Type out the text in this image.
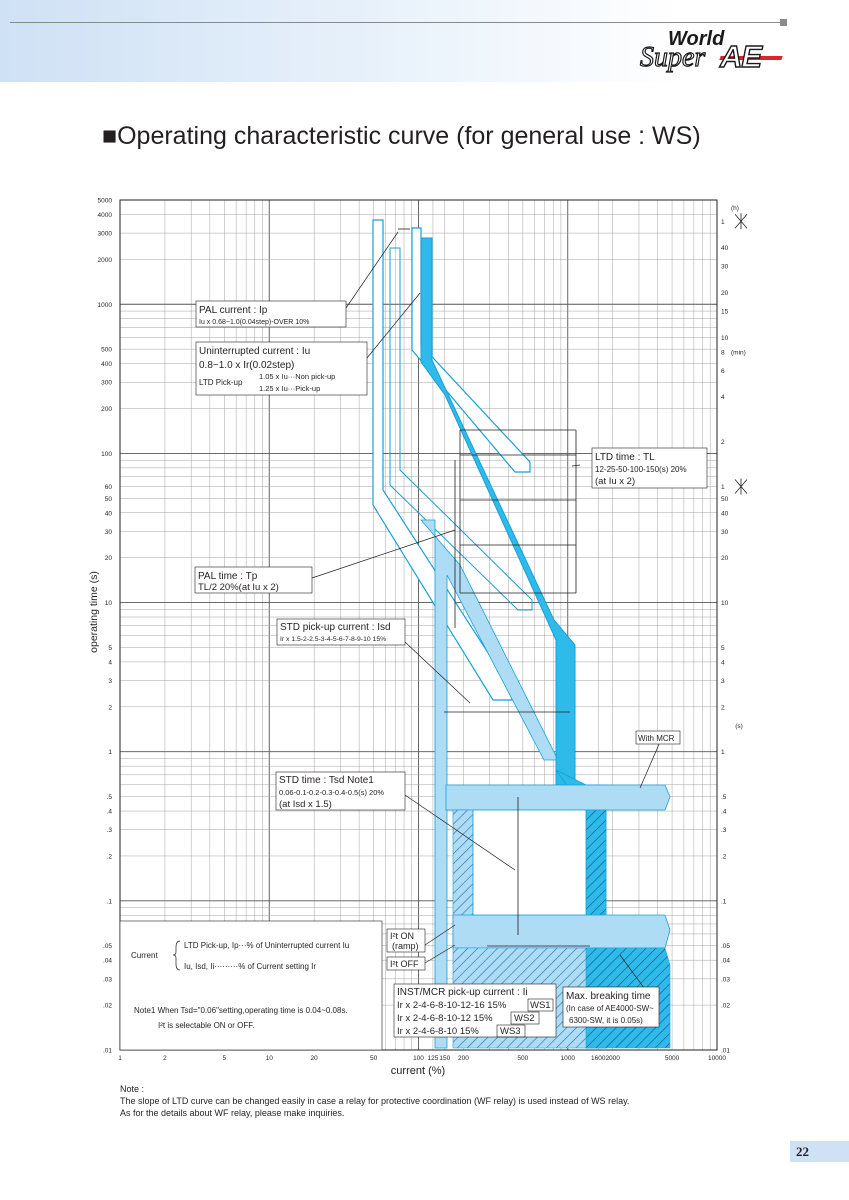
World
Super AE
■Operating characteristic curve (for general use : WS)
operating time (s)
current (%)
1	2	5	10	20	50	100 125 150 200	500	1000 1600 2000	5000	10000
5000
4000
3000
2000
1000
500
400
300
200
100
60
50
40
30
20
10
5
4
3
2
1
.5
.4
.3
.2
.1
.05
.04
.03
.02
.01
(h)
1
40
30
20
15
10
8
6
4
2
(min)
1
50
40
30
20
10
5
4
3
2
1
.5
.4
.3
.2
.1
.05
.04
.03
.02
.01
(s)
PAL current : Ip
Iu x 0.68~1.0(0.04step)-OVER 10%
Uninterrupted current : Iu
0.8~1.0 x Ir(0.02step)
LTD Pick-up
1.05 x Iu···Non pick-up
1.25 x Iu···Pick-up
LTD time : TL
12-25-50-100-150(s) 20%
(at Iu x 2)
PAL time : Tp
TL/2 20%(at Iu x 2)
STD pick-up current : Isd
Ir x 1.5-2-2.5-3-4-5-6-7-8-9-10 15%
With MCR
STD time : Tsd Note1
0.06-0.1-0.2-0.3-0.4-0.5(s) 20%
(at Isd x 1.5)
I²t ON
(ramp)
I²t OFF
INST/MCR pick-up current : Ii
Ir x 2-4-6-8-10-12-16 15% WS1
Ir x 2-4-6-8-10-12 15% WS2
Ir x 2-4-6-8-10 15% WS3
Max. breaking time
(In case of AE4000-SW~
6300-SW, it is 0.05s)
Current
LTD Pick-up, Ip···% of Uninterrupted current Iu
Iu, Isd, Ii·········% of Current setting Ir
Note1 When Tsd="0.06"setting,operating time is 0.04~0.08s.
I²t is selectable ON or OFF.
Note :
The slope of LTD curve can be changed easily in case a relay for protective coordination (WF relay) is used instead of WS relay.
As for the details about WF relay, please make inquiries.
22
